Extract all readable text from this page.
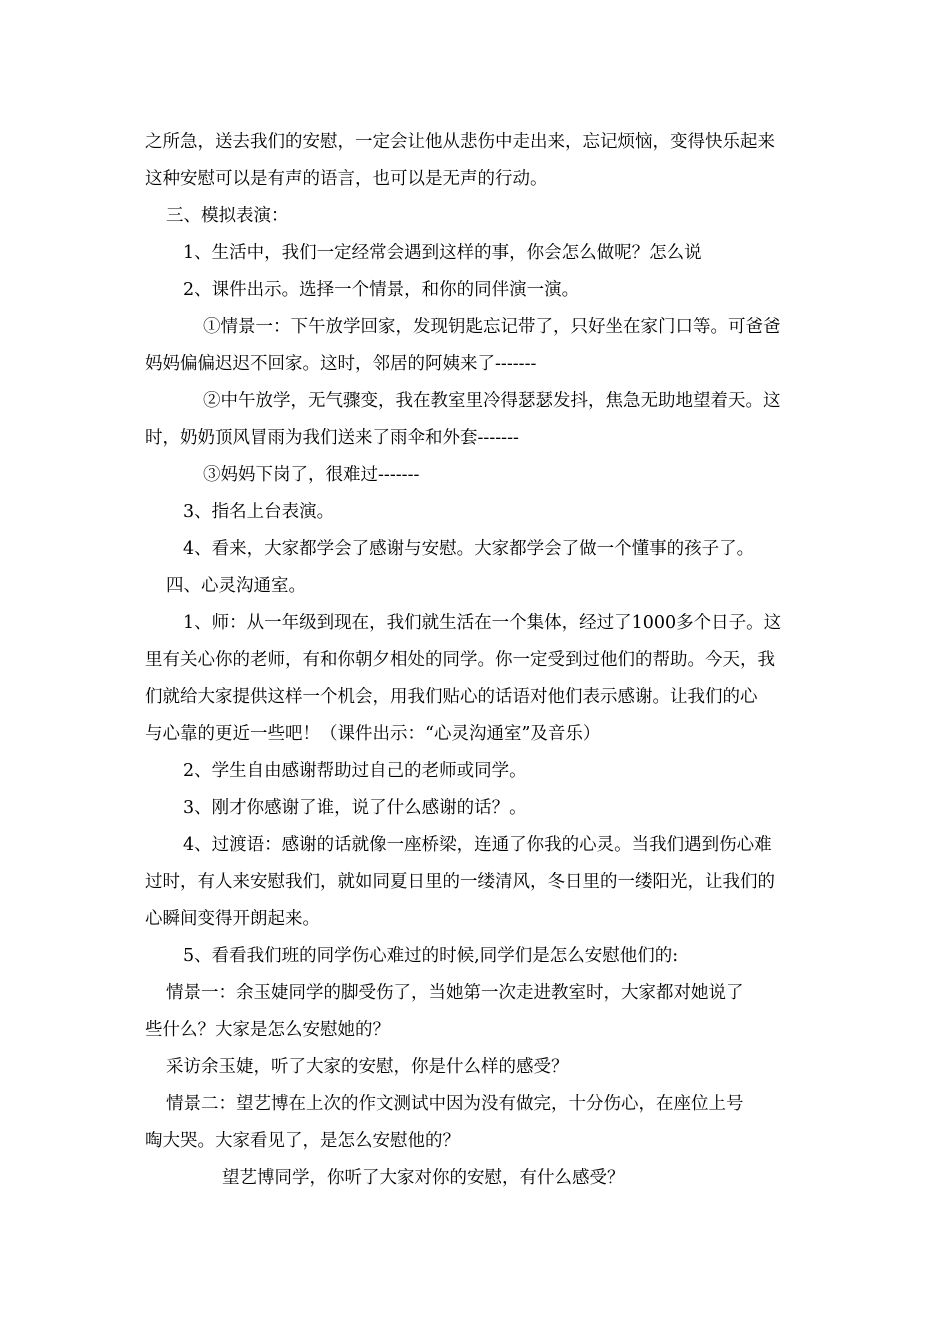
之所急，送去我们的安慰，一定会让他从悲伤中走出来，忘记烦恼，变得快乐起来
这种安慰可以是有声的语言，也可以是无声的行动。
三、模拟表演：
1、生活中，我们一定经常会遇到这样的事，你会怎么做呢？怎么说
2、课件出示。选择一个情景，和你的同伴演一演。
①情景一：下午放学回家，发现钥匙忘记带了，只好坐在家门口等。可爸爸
妈妈偏偏迟迟不回家。这时，邻居的阿姨来了-------
②中午放学，无气骤变，我在教室里冷得瑟瑟发抖，焦急无助地望着天。这
时，奶奶顶风冒雨为我们送来了雨伞和外套-------
③妈妈下岗了，很难过-------
3、指名上台表演。
4、看来，大家都学会了感谢与安慰。大家都学会了做一个懂事的孩子了。
四、心灵沟通室。
1、师：从一年级到现在，我们就生活在一个集体，经过了1000多个日子。这
里有关心你的老师，有和你朝夕相处的同学。你一定受到过他们的帮助。今天，我
们就给大家提供这样一个机会，用我们贴心的话语对他们表示感谢。让我们的心
与心靠的更近一些吧！（课件出示：“心灵沟通室”及音乐）
2、学生自由感谢帮助过自己的老师或同学。
3、刚才你感谢了谁，说了什么感谢的话？。
4、过渡语：感谢的话就像一座桥梁，连通了你我的心灵。当我们遇到伤心难
过时，有人来安慰我们，就如同夏日里的一缕清风，冬日里的一缕阳光，让我们的
心瞬间变得开朗起来。
5、看看我们班的同学伤心难过的时候,同学们是怎么安慰他们的:
情景一：余玉婕同学的脚受伤了，当她第一次走进教室时，大家都对她说了
些什么？大家是怎么安慰她的？
采访余玉婕，听了大家的安慰，你是什么样的感受？
情景二：望艺博在上次的作文测试中因为没有做完，十分伤心，在座位上号
啕大哭。大家看见了，是怎么安慰他的？
望艺博同学，你听了大家对你的安慰，有什么感受？
